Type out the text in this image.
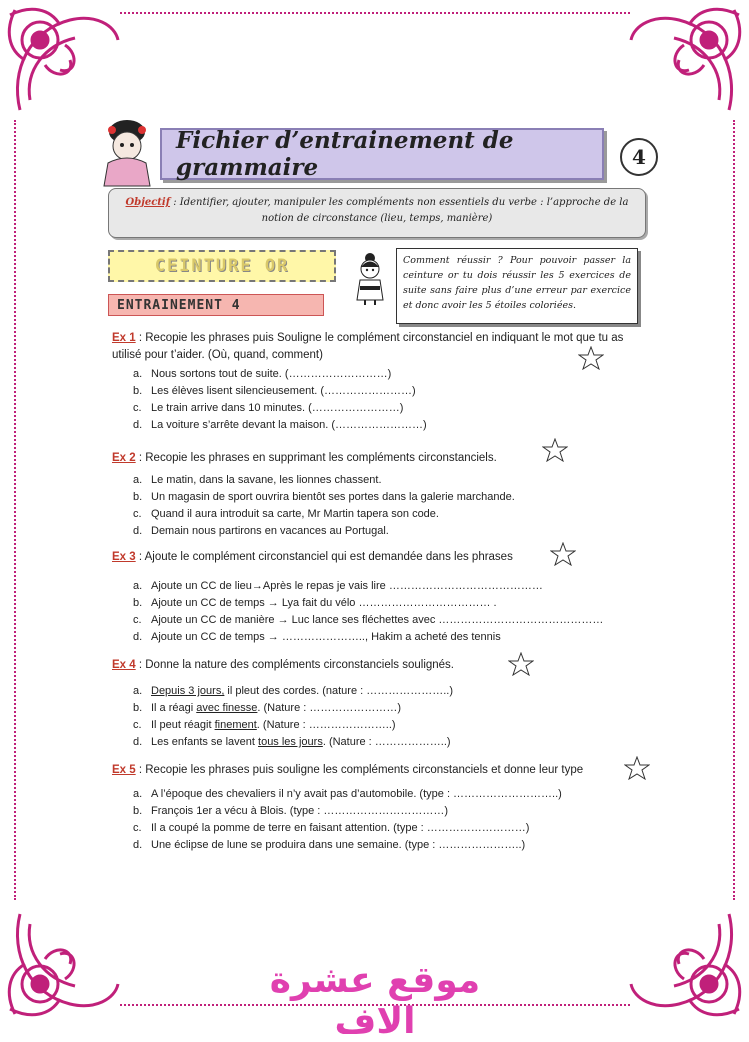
Fichier d’entrainement de grammaire	4
Objectif : Identifier, ajouter, manipuler les compléments non essentiels du verbe : l’approche de la notion de circonstance (lieu, temps, manière)
CEINTURE OR	Comment réussir ? Pour pouvoir passer la ceinture or tu dois réussir les 5 exercices de suite sans faire plus d’une erreur par exercice et donc avoir les 5 étoiles coloriées.
ENTRAINEMENT 4
Ex 1 : Recopie les phrases puis Souligne le complément circonstanciel en indiquant le mot que tu as utilisé pour t’aider. (Où, quand, comment)
a. Nous sortons tout de suite. (………………………)
b. Les élèves lisent silencieusement. (……………………)
c. Le train arrive dans 10 minutes. (……………………)
d. La voiture s’arrête devant la maison. (……………………)
Ex 2 : Recopie les phrases en supprimant les compléments circonstanciels.
a. Le matin, dans la savane, les lionnes chassent.
b. Un magasin de sport ouvrira bientôt ses portes dans la galerie marchande.
c. Quand il aura introduit sa carte, Mr Martin tapera son code.
d. Demain nous partirons en vacances au Portugal.
Ex 3 : Ajoute le complément circonstanciel qui est demandée dans les phrases
a. Ajoute un CC de lieu→Après le repas je vais lire ……………………………………
b. Ajoute un CC de temps → Lya fait du vélo ……………………………… .
c. Ajoute un CC de manière → Luc lance ses fléchettes avec ………………………………………
d. Ajoute un CC de temps → ………………….., Hakim a acheté des tennis
Ex 4 : Donne la nature des compléments circonstanciels soulignés.
a. Depuis 3 jours, il pleut des cordes. (nature : …………………..)
b. Il a réagi avec finesse. (Nature : ……………………)
c. Il peut réagit finement. (Nature : …………………..)
d. Les enfants se lavent tous les jours. (Nature : ………………..)
Ex 5 : Recopie les phrases puis souligne les compléments circonstanciels et donne leur type
a. A l’époque des chevaliers il n’y avait pas d’automobile. (type : ………………………..)
b. François 1er a vécu à Blois. (type : ……………………………)
c. Il a coupé la pomme de terre en faisant attention. (type : ………………………)
d. Une éclipse de lune se produira dans une semaine. (type : …………………..)
موقع عشرة الاف
